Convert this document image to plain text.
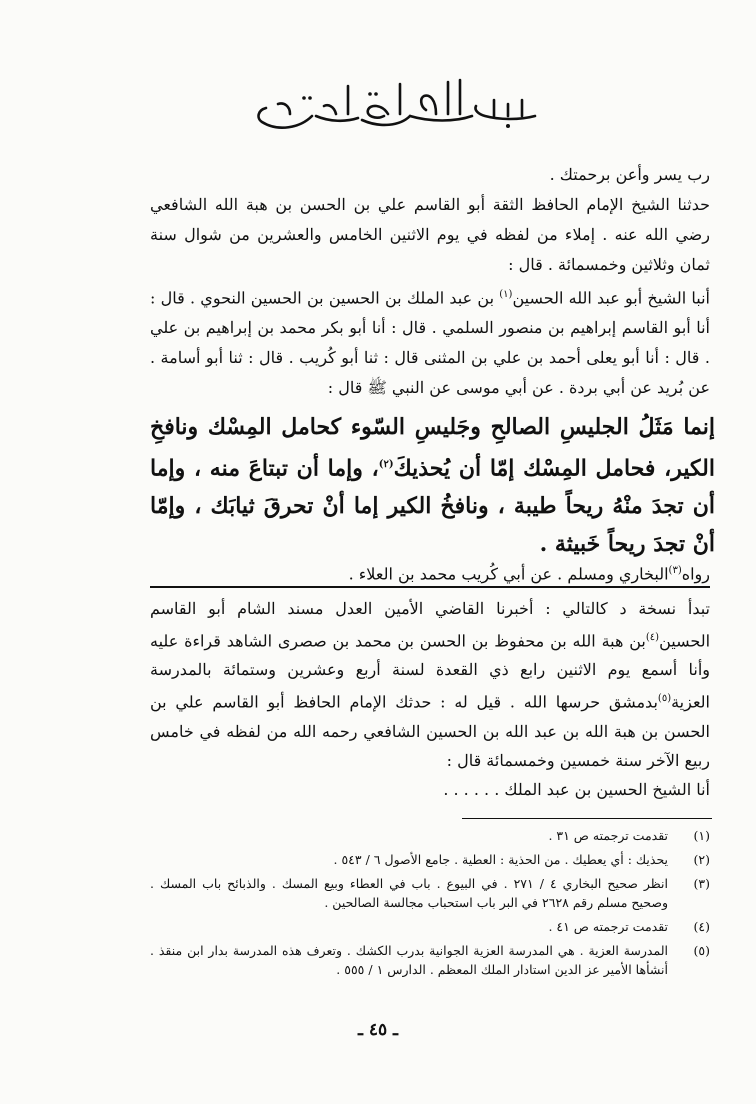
رب يسر وأعن برحمتك .

حدثنا الشيخ الإمام الحافظ الثقة أبو القاسم علي بن الحسن بن هبة الله الشافعي رضي الله عنه . إملاء من لفظه في يوم الاثنين الخامس والعشرين من شوال سنة ثمان وثلاثين وخمسمائة . قال :

أنبا الشيخ أبو عبد الله الحسين$^{(١)}$ بن عبد الملك بن الحسين بن الحسين النحوي . قال : أنا أبو القاسم إبراهيم بن منصور السلمي . قال : أنا أبو بكر محمد بن إبراهيم بن علي . قال : أنا أبو يعلى أحمد بن علي بن المثنى قال : ثنا أبو كُريب . قال : ثنا أبو أسامة . عن بُريد عن أبي بردة . عن أبي موسى عن النبي ﷺ قال :

إنما مَثَلُ الجليسِ الصالحِ وجَليسِ السّوء كحامل المِسْك ونافخِ الكير، فحامل المِسْك إمّا أن يُحذيكَ$^{(٢)}$، وإما أن تبتاعَ منه ، وإما أن تجدَ منْهُ ريحاً طيبة ، ونافخُ الكير إما أنْ تحرقَ ثيابَك ، وإمّا أنْ تجدَ ريحاً خَبيثة .
رواه$^{(٣)}$البخاري ومسلم . عن أبي كُريب محمد بن العلاء .

تبدأ نسخة د كالتالي : أخبرنا القاضي الأمين العدل مسند الشام أبو القاسم الحسين$^{(٤)}$بن هبة الله بن محفوظ بن الحسن بن محمد بن صصرى الشاهد قراءة عليه وأنا أسمع يوم الاثنين رابع ذي القعدة لسنة أربع وعشرين وستمائة بالمدرسة العزية$^{(٥)}$بدمشق حرسها الله . قيل له : حدثك الإمام الحافظ أبو القاسم علي بن الحسن بن هبة الله بن عبد الله بن الحسين الشافعي رحمه الله من لفظه في خامس ربيع الآخر سنة خمسين وخمسمائة قال :

أنا الشيخ الحسين بن عبد الملك . . . . . .

(١)
تقدمت ترجمته ص ٣١ .
(٢)
يحذيك : أي يعطيك . من الحذية : العطية . جامع الأصول ٦ / ٥٤٣ .
(٣)
انظر صحيح البخاري ٤ / ٢٧١ . في البيوع . باب في العطاء وبيع المسك . والذبائح باب المسك . وصحيح مسلم رقم ٢٦٢٨ في البر باب استحباب مجالسة الصالحين .
(٤)
تقدمت ترجمته ص ٤١ .
(٥)
المدرسة العزية . هي المدرسة العزية الجوانية بدرب الكشك . وتعرف هذه المدرسة بدار ابن منقذ . أنشأها الأمير عز الدين استادار الملك المعظم . الدارس ١ / ٥٥٥ .
ـ ٤٥ ـ
